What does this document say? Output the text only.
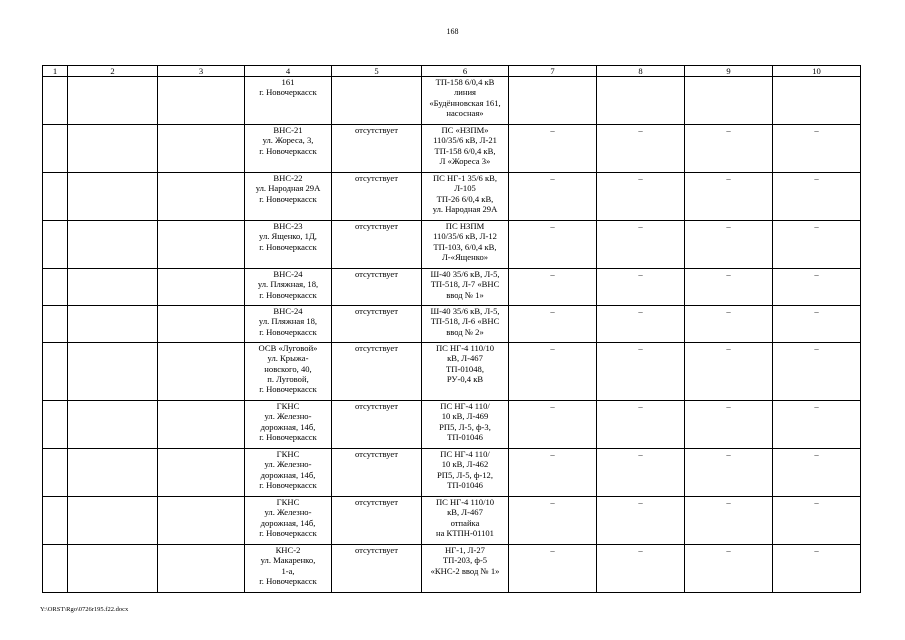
168
1	2	3	4	5	6	7	8	9	10
			161
г. Новочеркасск		ТП-158 6/0,4 кВ
линия
«Будённовская 161,
насосная»				
			ВНС-21
ул. Жореса, 3,
г. Новочеркасск	отсутствует	ПС «НЗПМ»
110/35/6 кВ, Л-21
ТП-158 6/0,4 кВ,
Л «Жореса 3»	–	–	–	–
			ВНС-22
ул. Народная 29А
г. Новочеркасск	отсутствует	ПС НГ-1 35/6 кВ,
Л-105
ТП-26 6/0,4 кВ,
ул. Народная 29А	–	–	–	–
			ВНС-23
ул. Ященко, 1Д,
г. Новочеркасск	отсутствует	ПС НЗПМ
110/35/6 кВ, Л-12
ТП-103, 6/0,4 кВ,
Л-«Ященко»	–	–	–	–
			ВНС-24
ул. Пляжная, 18,
г. Новочеркасск	отсутствует	Ш-40 35/6 кВ, Л-5,
ТП-518, Л-7 «ВНС
ввод № 1»	–	–	–	–
			ВНС-24
ул. Пляжная 18,
г. Новочеркасск	отсутствует	Ш-40 35/6 кВ, Л-5,
ТП-518, Л-6 «ВНС
ввод № 2»	–	–	–	–
			ОСВ «Луговой»
ул. Крыжа-
новского, 40,
п. Луговой,
г. Новочеркасск	отсутствует	ПС НГ-4 110/10
кВ, Л-467
ТП-01048,
РУ-0,4 кВ	–	–	–	–
			ГКНС
ул. Железно-
дорожная, 14б,
г. Новочеркасск	отсутствует	ПС НГ-4 110/
10 кВ, Л-469
РП5, Л-5, ф-3,
ТП-01046	–	–	–	–
			ГКНС
ул. Железно-
дорожная, 14б,
г. Новочеркасск	отсутствует	ПС НГ-4 110/
10 кВ, Л-462
РП5, Л-5, ф-12,
ТП-01046	–	–	–	–
			ГКНС
ул. Железно-
дорожная, 14б,
г. Новочеркасск	отсутствует	ПС НГ-4 110/10
кВ, Л-467
отпайка
на КТПН-01101	–	–	–	–
			КНС-2
ул. Макаренко,
1-а,
г. Новочеркасск	отсутствует	НГ-1, Л-27
ТП-203, ф-5
«КНС-2 ввод № 1»	–	–	–	–
Y:\ORST\Rgo\0726r195.f22.docx
